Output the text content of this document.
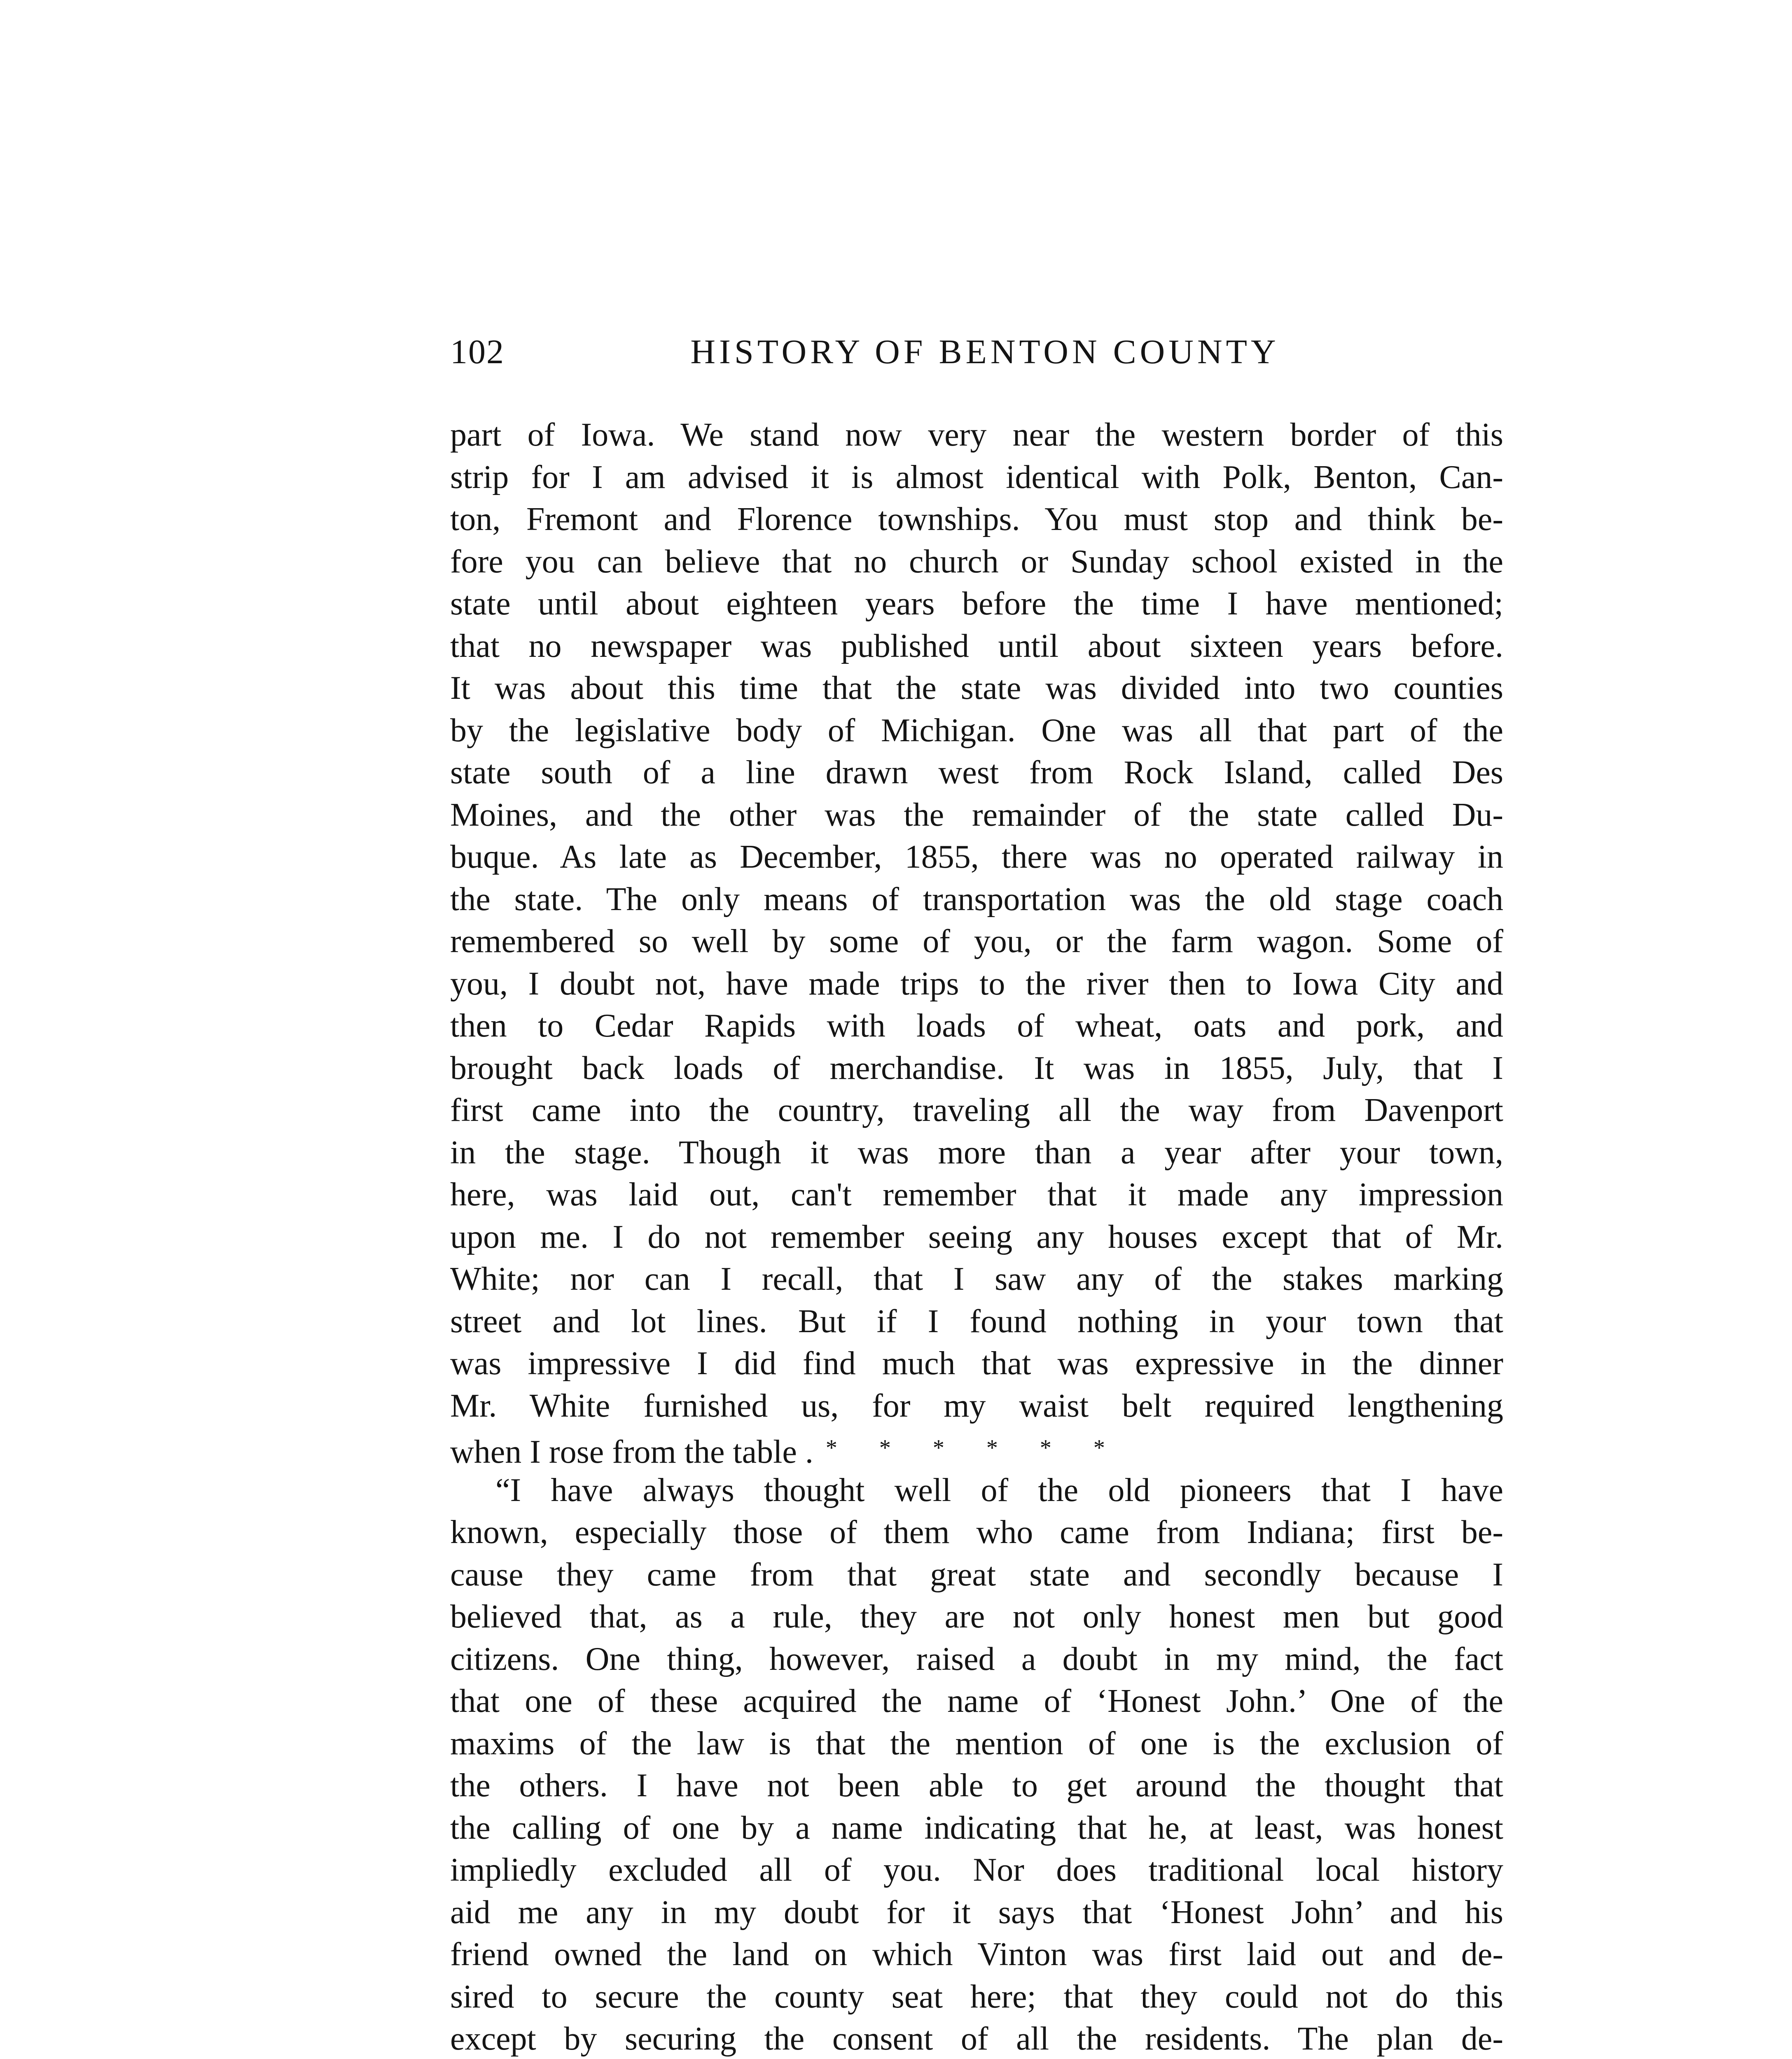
102	HISTORY OF BENTON COUNTY
part of Iowa. We stand now very near the western border of this
strip for I am advised it is almost identical with Polk, Benton, Can-
ton, Fremont and Florence townships. You must stop and think be-
fore you can believe that no church or Sunday school existed in the
state until about eighteen years before the time I have mentioned;
that no newspaper was published until about sixteen years before.
It was about this time that the state was divided into two counties
by the legislative body of Michigan. One was all that part of the
state south of a line drawn west from Rock Island, called Des
Moines, and the other was the remainder of the state called Du-
buque. As late as December, 1855, there was no operated railway in
the state. The only means of transportation was the old stage coach
remembered so well by some of you, or the farm wagon. Some of
you, I doubt not, have made trips to the river then to Iowa City and
then to Cedar Rapids with loads of wheat, oats and pork, and
brought back loads of merchandise. It was in 1855, July, that I
first came into the country, traveling all the way from Davenport
in the stage. Though it was more than a year after your town,
here, was laid out, can't remember that it made any impression
upon me. I do not remember seeing any houses except that of Mr.
White; nor can I recall, that I saw any of the stakes marking
street and lot lines. But if I found nothing in your town that
was impressive I did find much that was expressive in the dinner
Mr. White furnished us, for my waist belt required lengthening
when I rose from the table . * * * * * *
“I have always thought well of the old pioneers that I have
known, especially those of them who came from Indiana; first be-
cause they came from that great state and secondly because I
believed that, as a rule, they are not only honest men but good
citizens. One thing, however, raised a doubt in my mind, the fact
that one of these acquired the name of ‘Honest John.’ One of the
maxims of the law is that the mention of one is the exclusion of
the others. I have not been able to get around the thought that
the calling of one by a name indicating that he, at least, was honest
impliedly excluded all of you. Nor does traditional local history
aid me any in my doubt for it says that ‘Honest John’ and his
friend owned the land on which Vinton was first laid out and de-
sired to secure the county seat here; that they could not do this
except by securing the consent of all the residents. The plan de-
